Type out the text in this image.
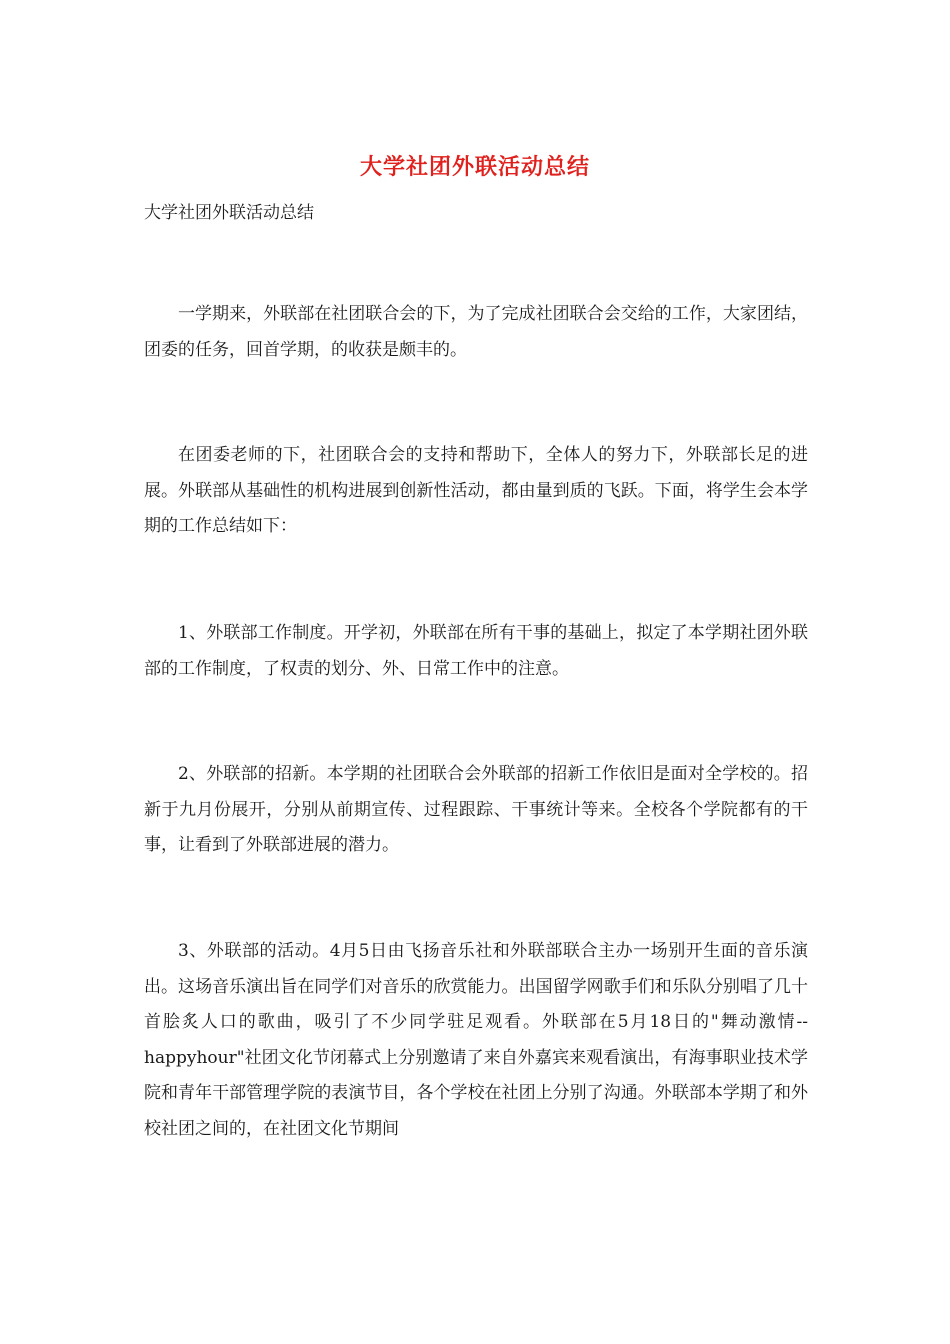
大学社团外联活动总结
大学社团外联活动总结

一学期来，外联部在社团联合会的下，为了完成社团联合会交给的工作，大家团结，团委的任务，回首学期，的收获是颇丰的。

在团委老师的下，社团联合会的支持和帮助下，全体人的努力下，外联部长足的进展。外联部从基础性的机构进展到创新性活动，都由量到质的飞跃。下面，将学生会本学期的工作总结如下：

1、外联部工作制度。开学初，外联部在所有干事的基础上，拟定了本学期社团外联部的工作制度，了权责的划分、外、日常工作中的注意。

2、外联部的招新。本学期的社团联合会外联部的招新工作依旧是面对全学校的。招新于九月份展开，分别从前期宣传、过程跟踪、干事统计等来。全校各个学院都有的干事，让看到了外联部进展的潜力。

3、外联部的活动。4月5日由飞扬音乐社和外联部联合主办一场别开生面的音乐演出。这场音乐演出旨在同学们对音乐的欣赏能力。出国留学网歌手们和乐队分别唱了几十首脍炙人口的歌曲，吸引了不少同学驻足观看。外联部在5月18日的"舞动激情--happyhour"社团文化节闭幕式上分别邀请了来自外嘉宾来观看演出，有海事职业技术学院和青年干部管理学院的表演节目，各个学校在社团上分别了沟通。外联部本学期了和外校社团之间的，在社团文化节期间
